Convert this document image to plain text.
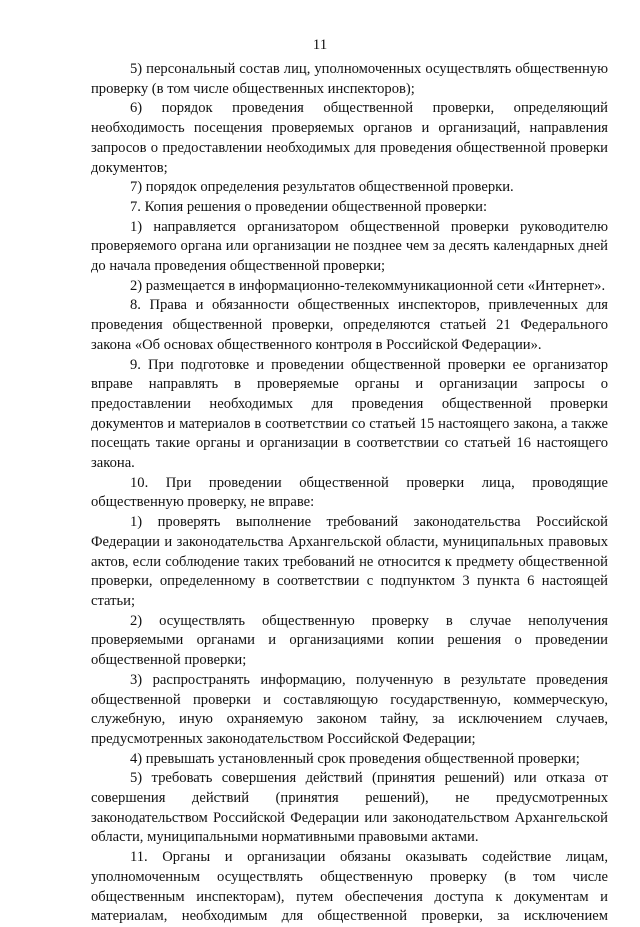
11

5) персональный состав лиц, уполномоченных осуществлять общественную проверку (в том числе общественных инспекторов);

6) порядок проведения общественной проверки, определяющий необходимость посещения проверяемых органов и организаций, направления запросов о предоставлении необходимых для проведения общественной проверки документов;

7) порядок определения результатов общественной проверки.

7. Копия решения о проведении общественной проверки:

1) направляется организатором общественной проверки руководителю проверяемого органа или организации не позднее чем за десять календарных дней до начала проведения общественной проверки;

2) размещается в информационно-телекоммуникационной сети «Интернет».

8. Права и обязанности общественных инспекторов, привлеченных для проведения общественной проверки, определяются статьей 21 Федерального закона «Об основах общественного контроля в Российской Федерации».

9. При подготовке и проведении общественной проверки ее организатор вправе направлять в проверяемые органы и организации запросы о предоставлении необходимых для проведения общественной проверки документов и материалов в соответствии со статьей 15 настоящего закона, а также посещать такие органы и организации в соответствии со статьей 16 настоящего закона.

10. При проведении общественной проверки лица, проводящие общественную проверку, не вправе:

1) проверять выполнение требований законодательства Российской Федерации и законодательства Архангельской области, муниципальных правовых актов, если соблюдение таких требований не относится к предмету общественной проверки, определенному в соответствии с подпунктом 3 пункта 6 настоящей статьи;

2) осуществлять общественную проверку в случае неполучения проверяемыми органами и организациями копии решения о проведении общественной проверки;

3) распространять информацию, полученную в результате проведения общественной проверки и составляющую государственную, коммерческую, служебную, иную охраняемую законом тайну, за исключением случаев, предусмотренных законодательством Российской Федерации;

4) превышать установленный срок проведения общественной проверки;

5) требовать совершения действий (принятия решений) или отказа от совершения действий (принятия решений), не предусмотренных законодательством Российской Федерации или законодательством Архангельской области, муниципальными нормативными правовыми актами.

11. Органы и организации обязаны оказывать содействие лицам, уполномоченным осуществлять общественную проверку (в том числе общественным инспекторам), путем обеспечения доступа к документам и материалам, необходимым для общественной проверки, за исключением
